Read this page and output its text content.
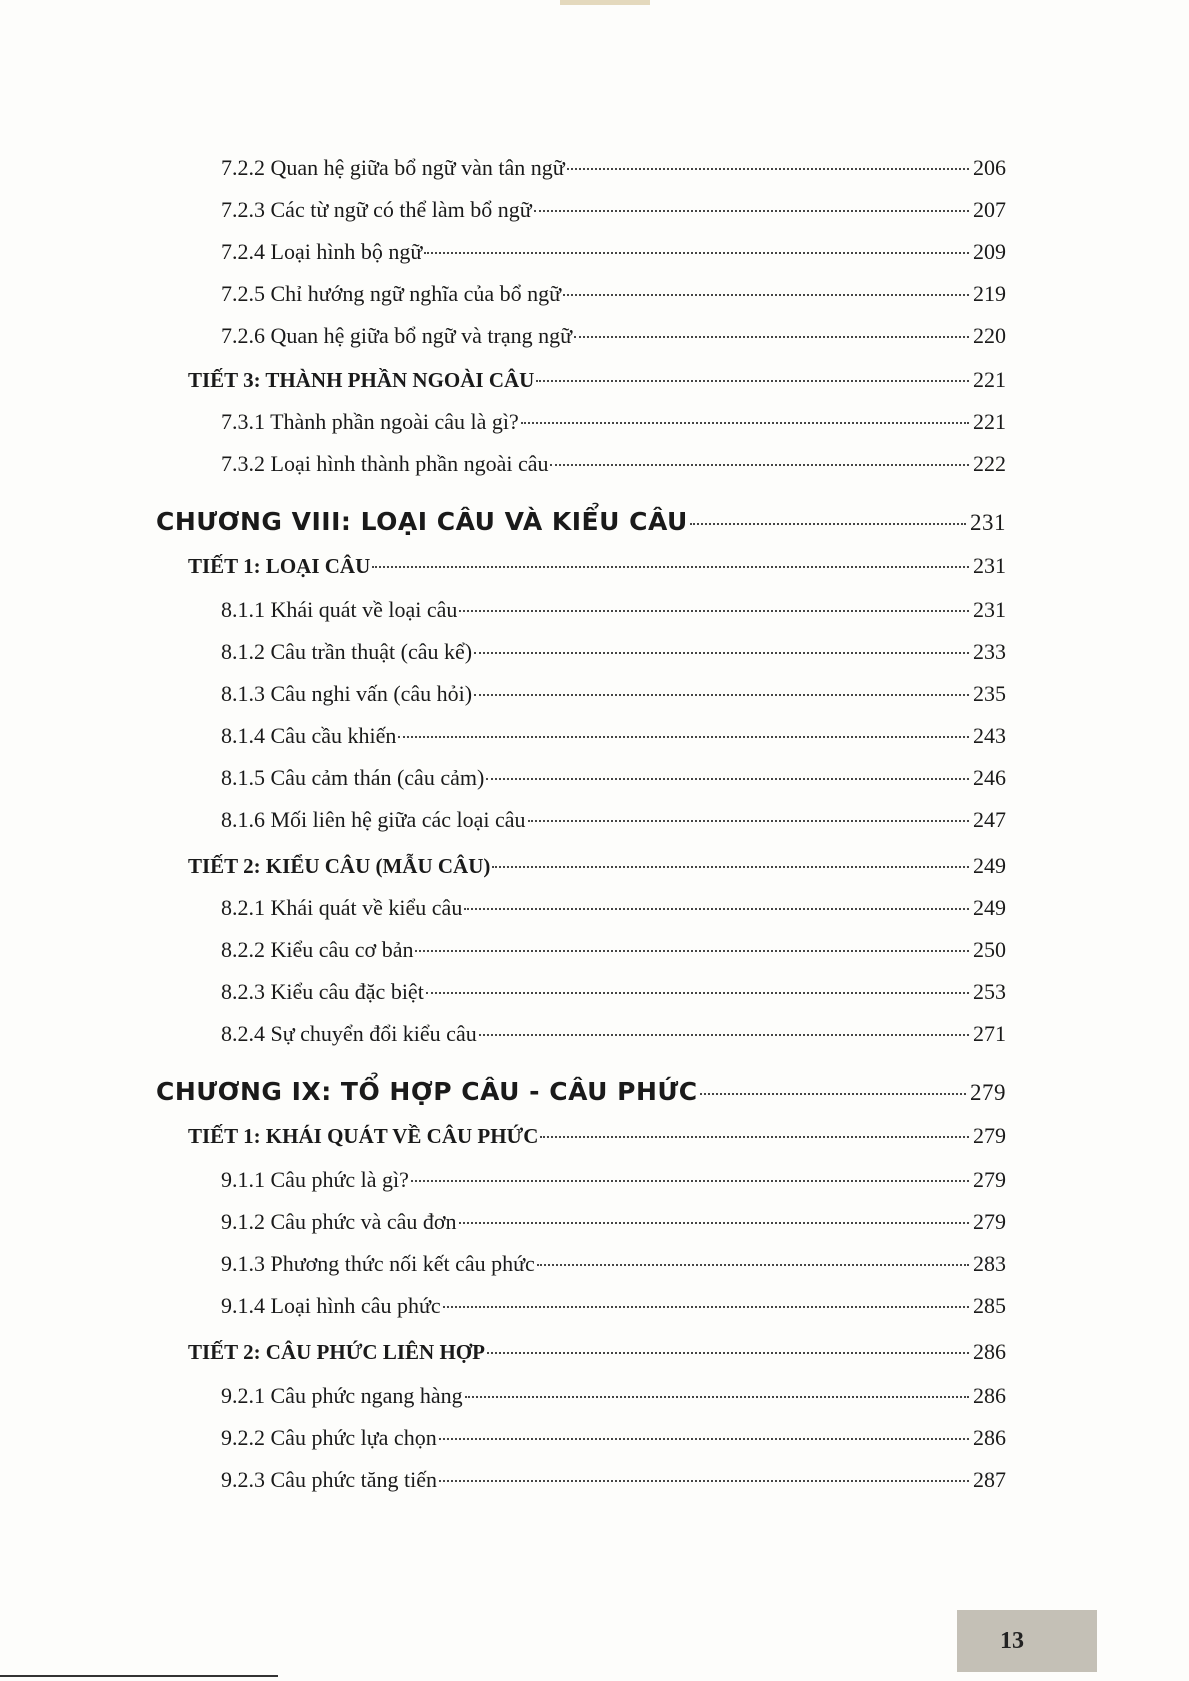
7.2.2 Quan hệ giữa bổ ngữ vàn tân ngữ	206
7.2.3 Các từ ngữ có thể làm bổ ngữ	207
7.2.4 Loại hình bộ ngữ	209
7.2.5 Chỉ hướng ngữ nghĩa của bổ ngữ	219
7.2.6 Quan hệ giữa bổ ngữ và trạng ngữ	220
TIẾT 3: THÀNH PHẦN NGOÀI CÂU	221
7.3.1 Thành phần ngoài câu là gì?	221
7.3.2 Loại hình thành phần ngoài câu	222
CHƯƠNG VIII: LOẠI CÂU VÀ KIỂU CÂU	231
TIẾT 1: LOẠI CÂU	231
8.1.1 Khái quát về loại câu	231
8.1.2 Câu trần thuật (câu kể)	233
8.1.3 Câu nghi vấn (câu hỏi)	235
8.1.4 Câu cầu khiến	243
8.1.5 Câu cảm thán (câu cảm)	246
8.1.6 Mối liên hệ giữa các loại câu	247
TIẾT 2: KIỂU CÂU (MẪU CÂU)	249
8.2.1 Khái quát về kiểu câu	249
8.2.2 Kiểu câu cơ bản	250
8.2.3 Kiểu câu đặc biệt	253
8.2.4 Sự chuyển đổi kiểu câu	271
CHƯƠNG IX: TỔ HỢP CÂU - CÂU PHỨC	279
TIẾT 1: KHÁI QUÁT VỀ CÂU PHỨC	279
9.1.1 Câu phức là gì?	279
9.1.2 Câu phức và câu đơn	279
9.1.3 Phương thức nối kết câu phức	283
9.1.4 Loại hình câu phức	285
TIẾT 2: CÂU PHỨC LIÊN HỢP	286
9.2.1 Câu phức ngang hàng	286
9.2.2 Câu phức lựa chọn	286
9.2.3 Câu phức tăng tiến	287
13
